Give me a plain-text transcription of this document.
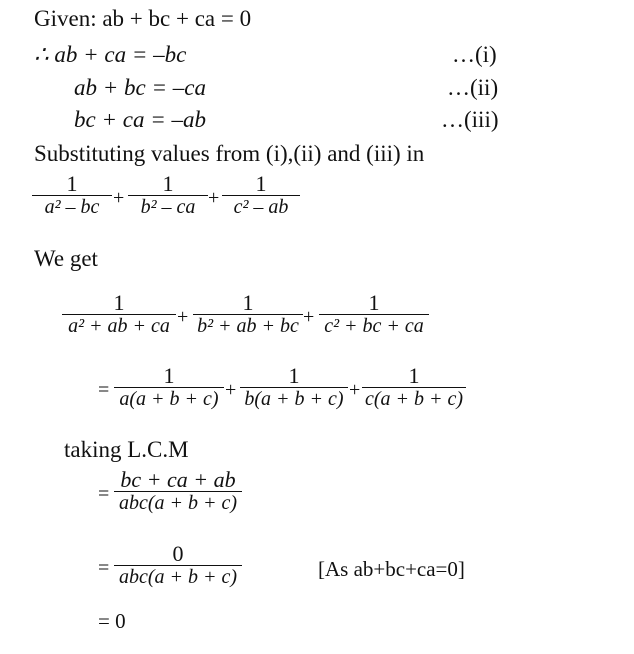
Given: ab + bc + ca = 0
∴ ab + ca = –bc	…(i)
ab + bc = –ca	…(ii)
bc + ca = –ab	…(iii)
Substituting values from (i),(ii) and (iii) in
1
a² – bc +
1
b² – ca +
1
c² – ab
We get
1
a² + ab + ca +
1
b² + ab + bc +
1
c² + bc + ca
=
1
a(a + b + c) +
1
b(a + b + c) +
1
c(a + b + c)
taking L.C.M
=
bc + ca + ab
abc(a + b + c)
=
0
abc(a + b + c)	[As ab+bc+ca=0]
= 0
